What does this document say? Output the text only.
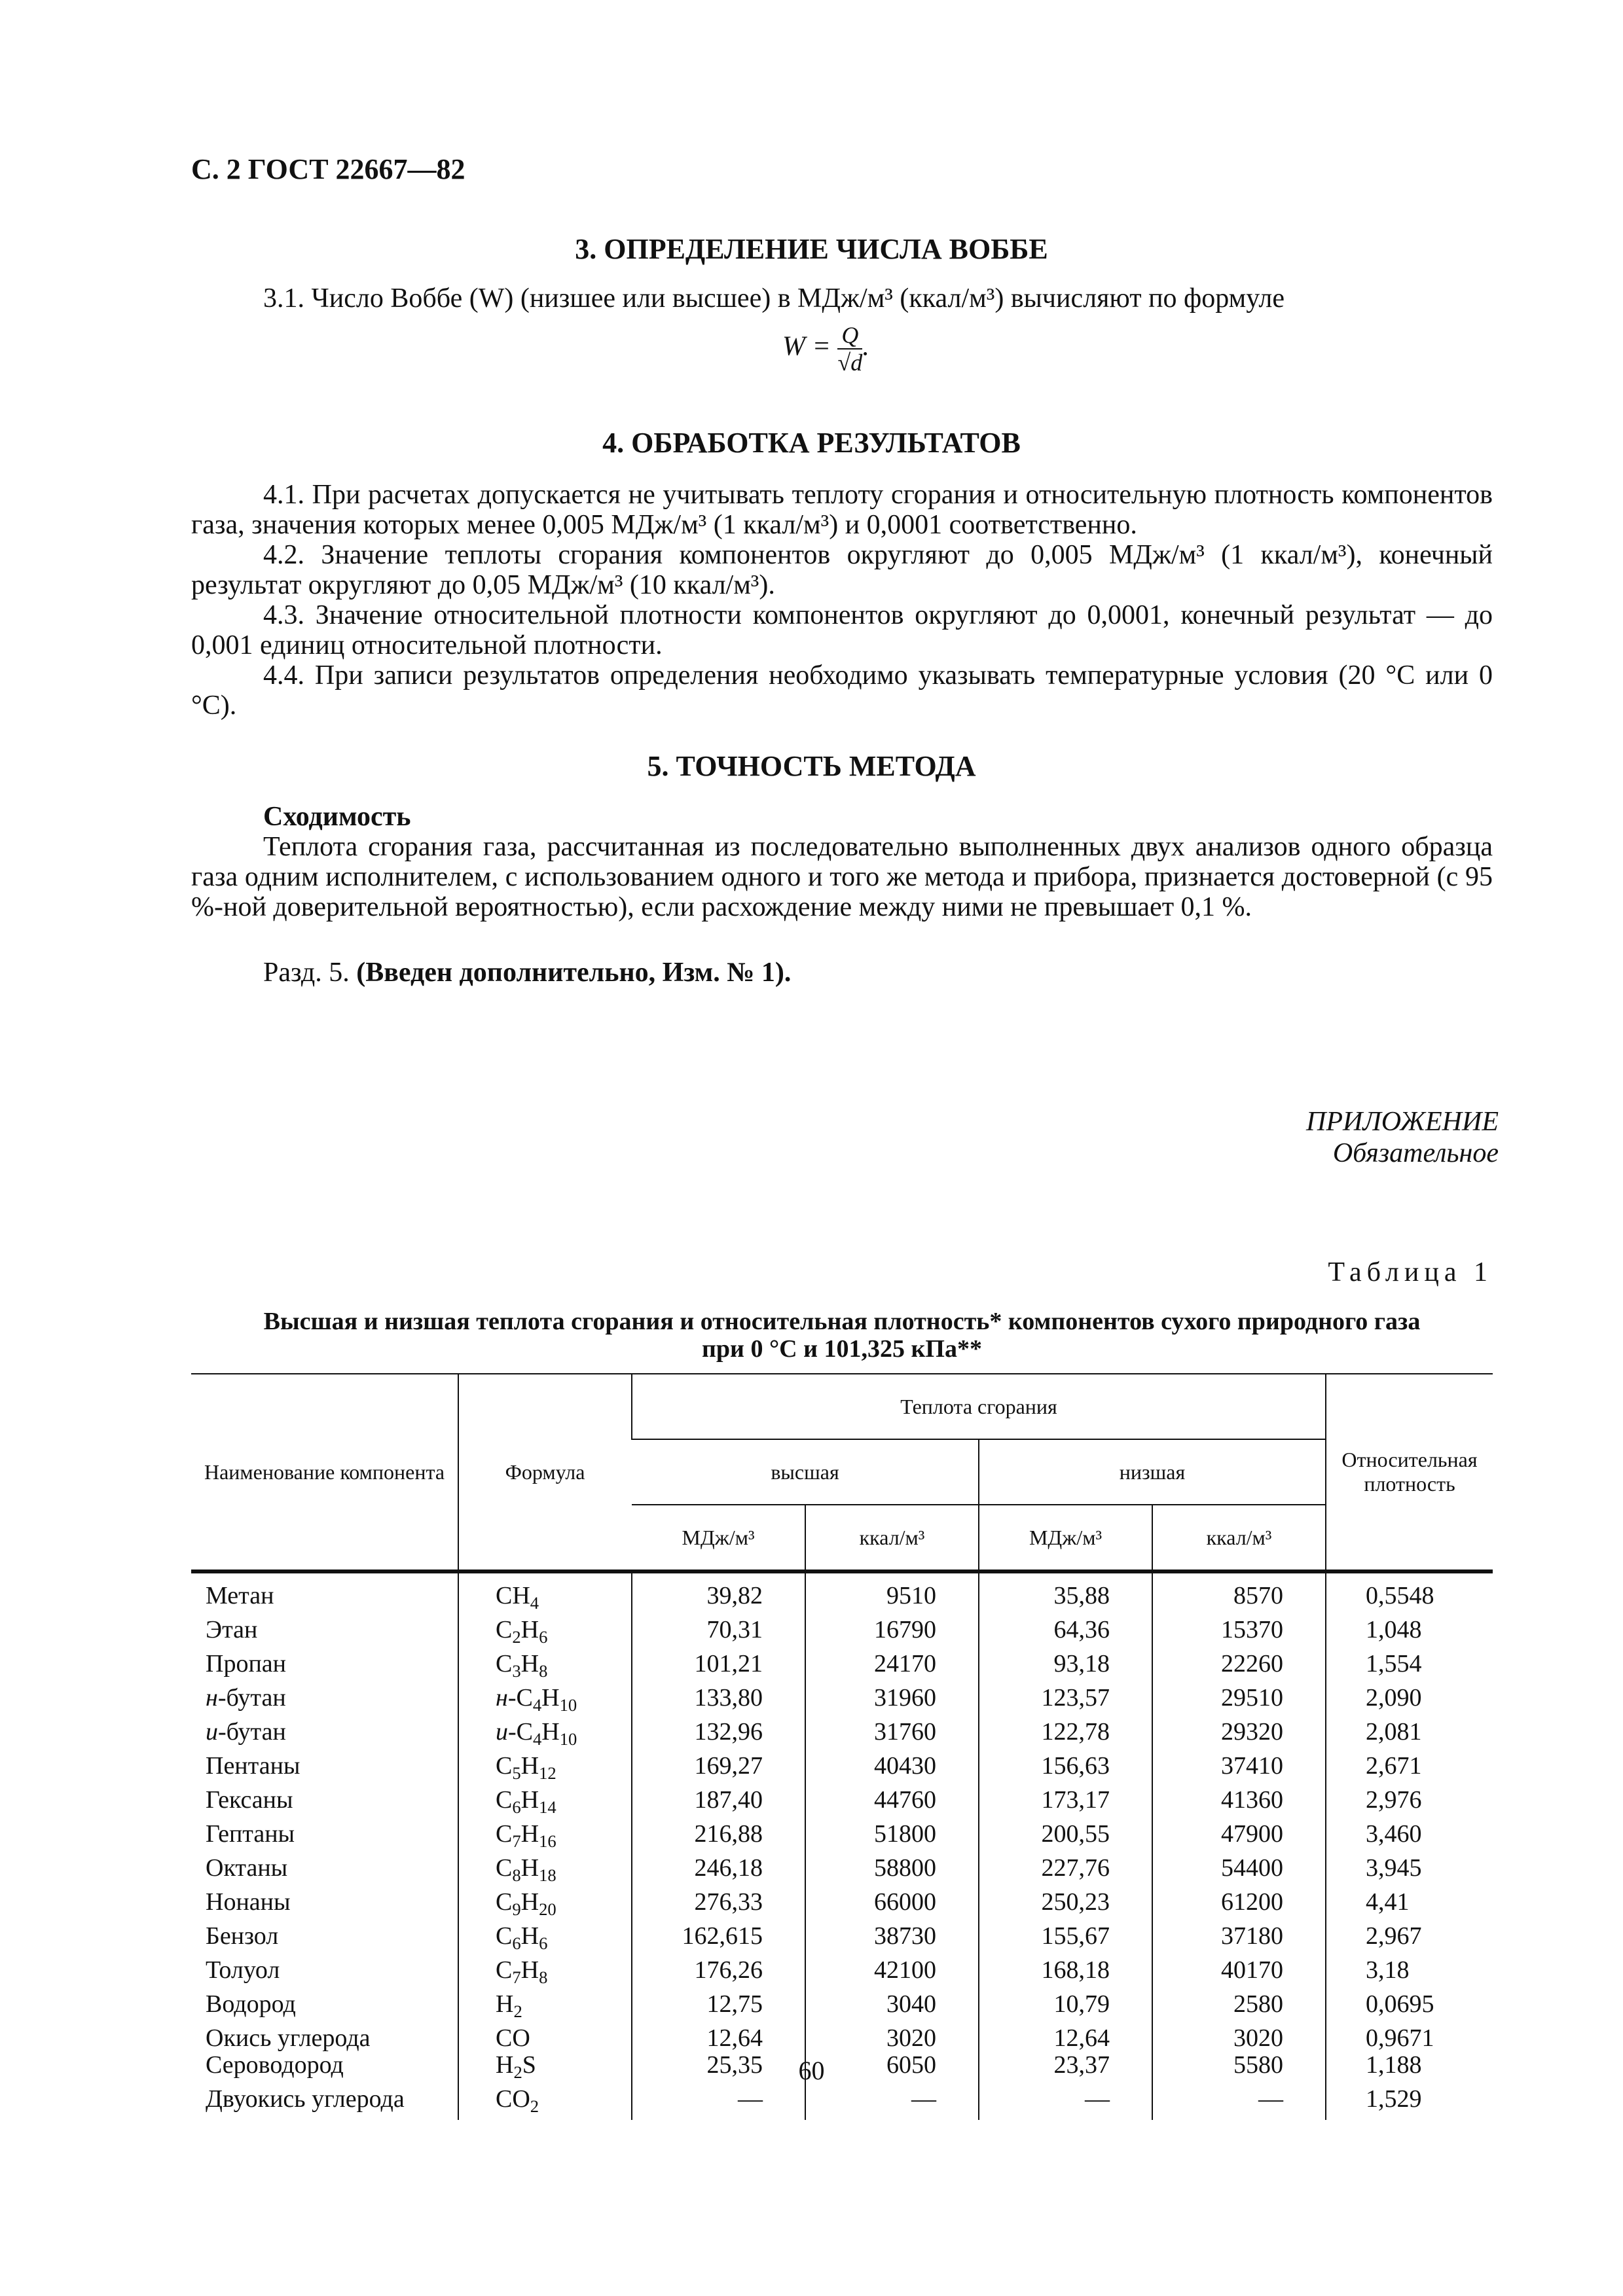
С. 2 ГОСТ 22667—82
3. ОПРЕДЕЛЕНИЕ ЧИСЛА ВОББЕ
3.1. Число Воббе (W) (низшее или высшее) в МДж/м³ (ккал/м³) вычисляют по формуле
$W = \frac{Q}{√d}$ .
4. ОБРАБОТКА РЕЗУЛЬТАТОВ
4.1. При расчетах допускается не учитывать теплоту сгорания и относительную плотность компонентов газа, значения которых менее 0,005 МДж/м³ (1 ккал/м³) и 0,0001 соответственно.
4.2. Значение теплоты сгорания компонентов округляют до 0,005 МДж/м³ (1 ккал/м³), конечный результат округляют до 0,05 МДж/м³ (10 ккал/м³).
4.3. Значение относительной плотности компонентов округляют до 0,0001, конечный результат — до 0,001 единиц относительной плотности.
4.4. При записи результатов определения необходимо указывать температурные условия (20 °С или 0 °С).
5. ТОЧНОСТЬ МЕТОДА
Сходимость
Теплота сгорания газа, рассчитанная из последовательно выполненных двух анализов одного образца газа одним исполнителем, с использованием одного и того же метода и прибора, признается достоверной (с 95 %-ной доверительной вероятностью), если расхождение между ними не превышает 0,1 %.
Разд. 5. (Введен дополнительно, Изм. № 1).
ПРИЛОЖЕНИЕ
Обязательное
Таблица 1
Высшая и низшая теплота сгорания и относительная плотность* компонентов сухого природного газа
при 0 °С и 101,325 кПа**
Наименование компонента	Формула	Теплота сгорания				Относительная плотность
		высшая		низшая		
		МДж/м³	ккал/м³	МДж/м³	ккал/м³	
Метан	$CH_4$	39,82	9510	35,88	8570	0,5548
Этан	$C_2H_6$	70,31	16790	64,36	15370	1,048
Пропан	$C_3H_8$	101,21	24170	93,18	22260	1,554
н-бутан	$н-C_4H_{10}$	133,80	31960	123,57	29510	2,090
и-бутан	$и-C_4H_{10}$	132,96	31760	122,78	29320	2,081
Пентаны	$C_5H_{12}$	169,27	40430	156,63	37410	2,671
Гексаны	$C_6H_{14}$	187,40	44760	173,17	41360	2,976
Гептаны	$C_7H_{16}$	216,88	51800	200,55	47900	3,460
Октаны	$C_8H_{18}$	246,18	58800	227,76	54400	3,945
Нонаны	$C_9H_{20}$	276,33	66000	250,23	61200	4,41
Бензол	$C_6H_6$	162,615	38730	155,67	37180	2,967
Толуол	$C_7H_8$	176,26	42100	168,18	40170	3,18
Водород	$H_2$	12,75	3040	10,79	2580	0,0695
Окись углерода	CO	12,64	3020	12,64	3020	0,9671
Сероводород	$H_2S$	25,35	6050	23,37	5580	1,188
Двуокись углерода	$CO_2$	—	—	—	—	1,529
60
